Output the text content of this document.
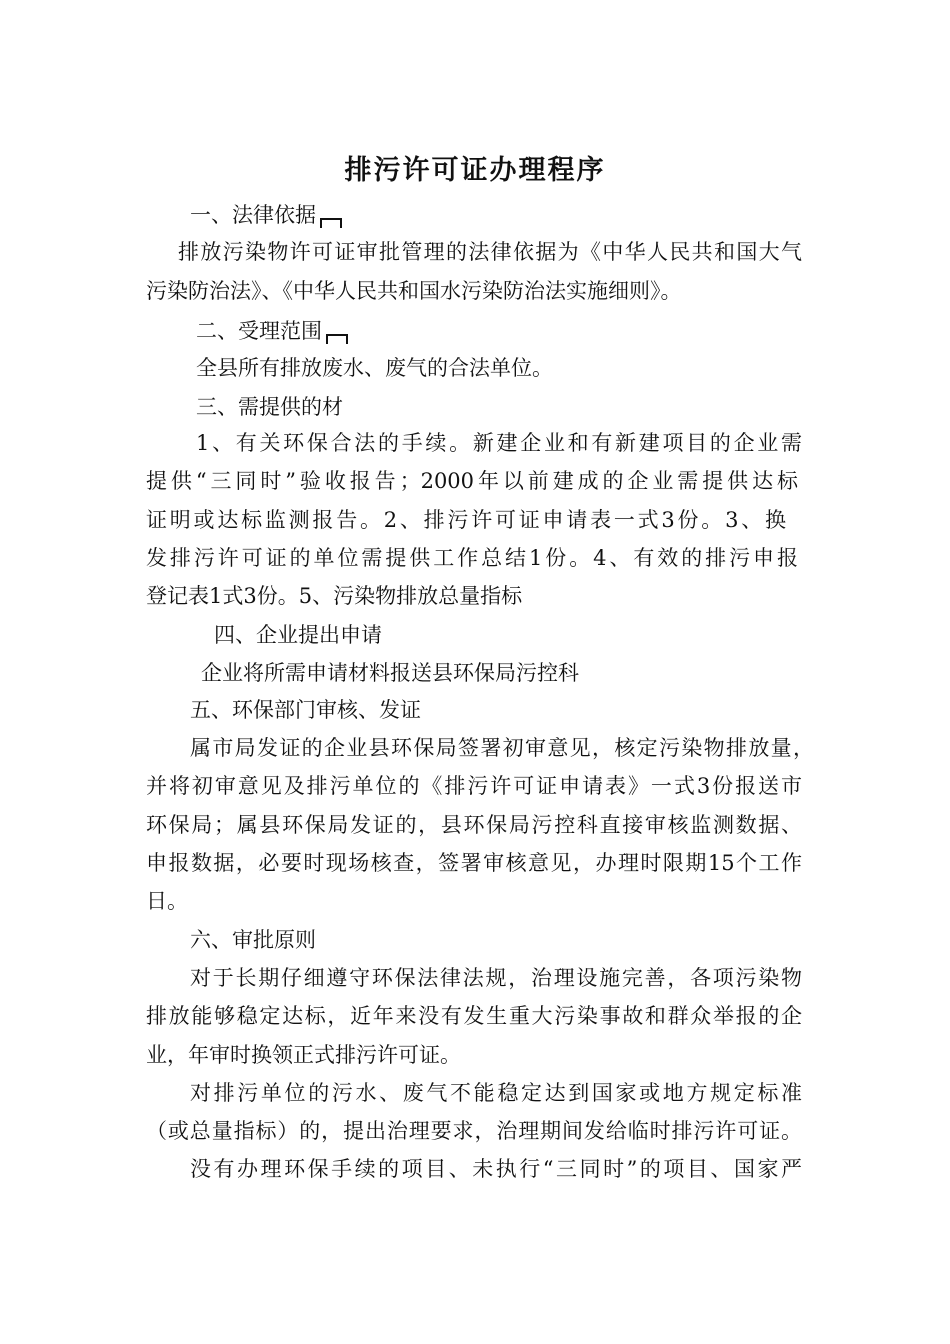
排污许可证办理程序
一、法律依据
排放污染物许可证审批管理的法律依据为《中华人民共和国大气
污染防治法》、《中华人民共和国水污染防治法实施细则》。
二、受理范围
全县所有排放废水、废气的合法单位。
三、需提供的材
1、有关环保合法的手续。新建企业和有新建项目的企业需
提供“三同时”验收报告；2000年以前建成的企业需提供达标
证明或达标监测报告。2、排污许可证申请表一式3份。3、换
发排污许可证的单位需提供工作总结1份。4、有效的排污申报
登记表1式3份。5、污染物排放总量指标
四、企业提出申请
企业将所需申请材料报送县环保局污控科
五、环保部门审核、发证
属市局发证的企业县环保局签署初审意见，核定污染物排放量，
并将初审意见及排污单位的《排污许可证申请表》一式3份报送市
环保局；属县环保局发证的，县环保局污控科直接审核监测数据、
申报数据，必要时现场核查，签署审核意见，办理时限期15个工作
日。
六、审批原则
对于长期仔细遵守环保法律法规，治理设施完善，各项污染物
排放能够稳定达标，近年来没有发生重大污染事故和群众举报的企
业，年审时换领正式排污许可证。
对排污单位的污水、废气不能稳定达到国家或地方规定标准
（或总量指标）的，提出治理要求，治理期间发给临时排污许可证。
没有办理环保手续的项目、未执行“三同时”的项目、国家严
